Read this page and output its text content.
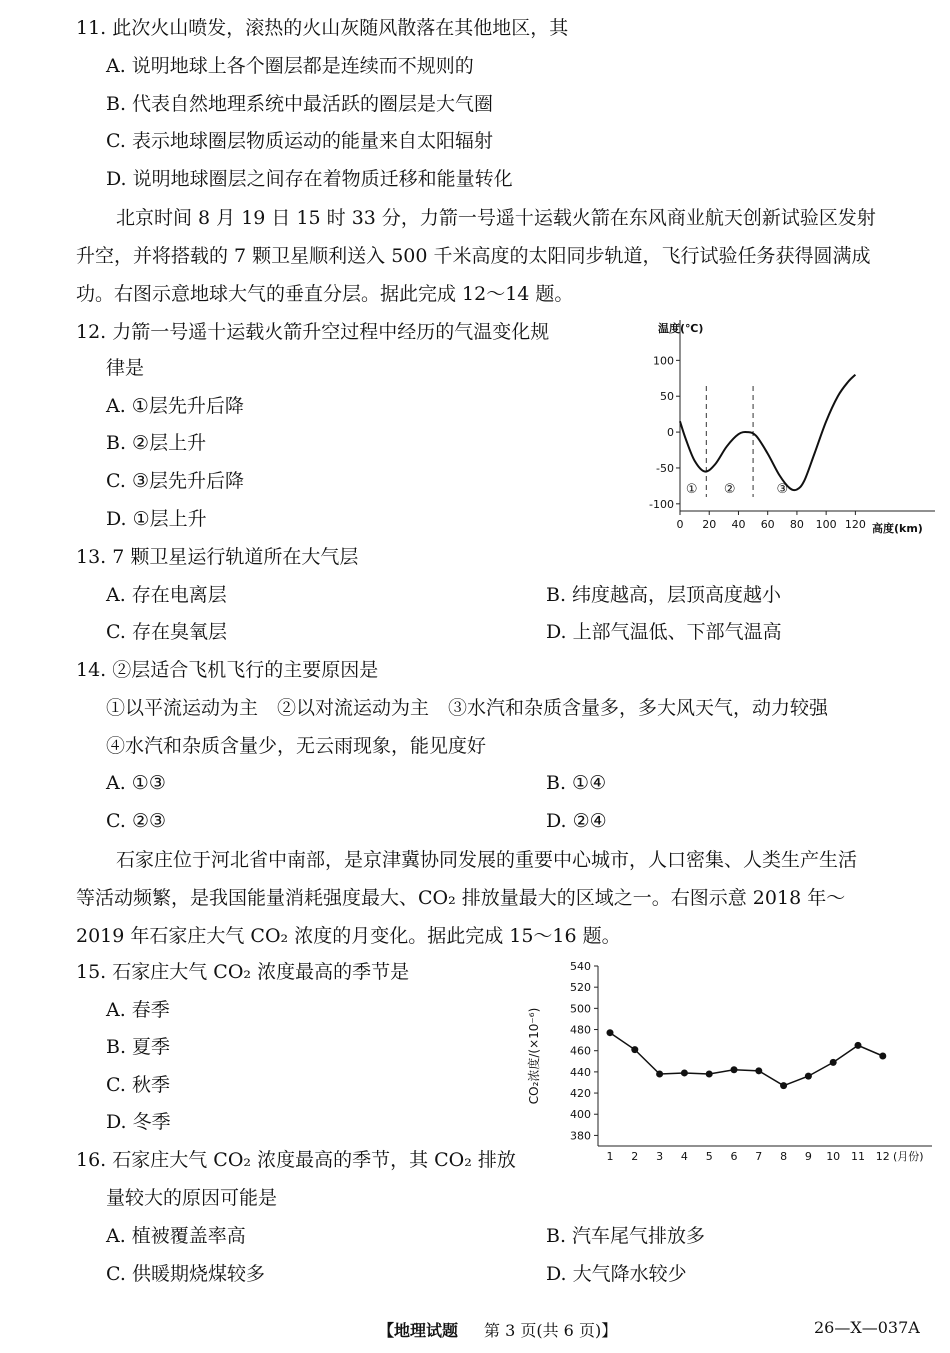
11. 此次火山喷发，滚热的火山灰随风散落在其他地区，其
A. 说明地球上各个圈层都是连续而不规则的
B. 代表自然地理系统中最活跃的圈层是大气圈
C. 表示地球圈层物质运动的能量来自太阳辐射
D. 说明地球圈层之间存在着物质迁移和能量转化
北京时间 8 月 19 日 15 时 33 分，力箭一号遥十运载火箭在东风商业航天创新试验区发射
升空，并将搭载的 7 颗卫星顺利送入 500 千米高度的太阳同步轨道，飞行试验任务获得圆满成
功。右图示意地球大气的垂直分层。据此完成 12～14 题。
12. 力箭一号遥十运载火箭升空过程中经历的气温变化规
律是
A. ①层先升后降
B. ②层上升
C. ③层先升后降
D. ①层上升
温度(℃)
高度(km)
0 20 40 60 80 100 120
100
50
0
-50
-100
① ②	③
13. 7 颗卫星运行轨道所在大气层
A. 存在电离层	B. 纬度越高，层顶高度越小
C. 存在臭氧层	D. 上部气温低、下部气温高
14. ②层适合飞机飞行的主要原因是
①以平流运动为主　②以对流运动为主　③水汽和杂质含量多，多大风天气，动力较强
④水汽和杂质含量少，无云雨现象，能见度好
A. ①③	B. ①④
C. ②③	D. ②④
石家庄位于河北省中南部，是京津冀协同发展的重要中心城市，人口密集、人类生产生活
等活动频繁，是我国能量消耗强度最大、CO₂ 排放量最大的区域之一。右图示意 2018 年～
2019 年石家庄大气 CO₂ 浓度的月变化。据此完成 15～16 题。
15. 石家庄大气 CO₂ 浓度最高的季节是
A. 春季
B. 夏季
C. 秋季
D. 冬季
540
520
500
480
460
440
420
400
380
1 2 3 4 5 6 7 8 9 10 11 12 (月份)
CO₂浓度/(×10⁻⁶)
16. 石家庄大气 CO₂ 浓度最高的季节，其 CO₂ 排放
量较大的原因可能是
A. 植被覆盖率高	B. 汽车尾气排放多
C. 供暖期烧煤较多	D. 大气降水较少
【地理试题 第 3 页(共 6 页)】	26—X—037A
